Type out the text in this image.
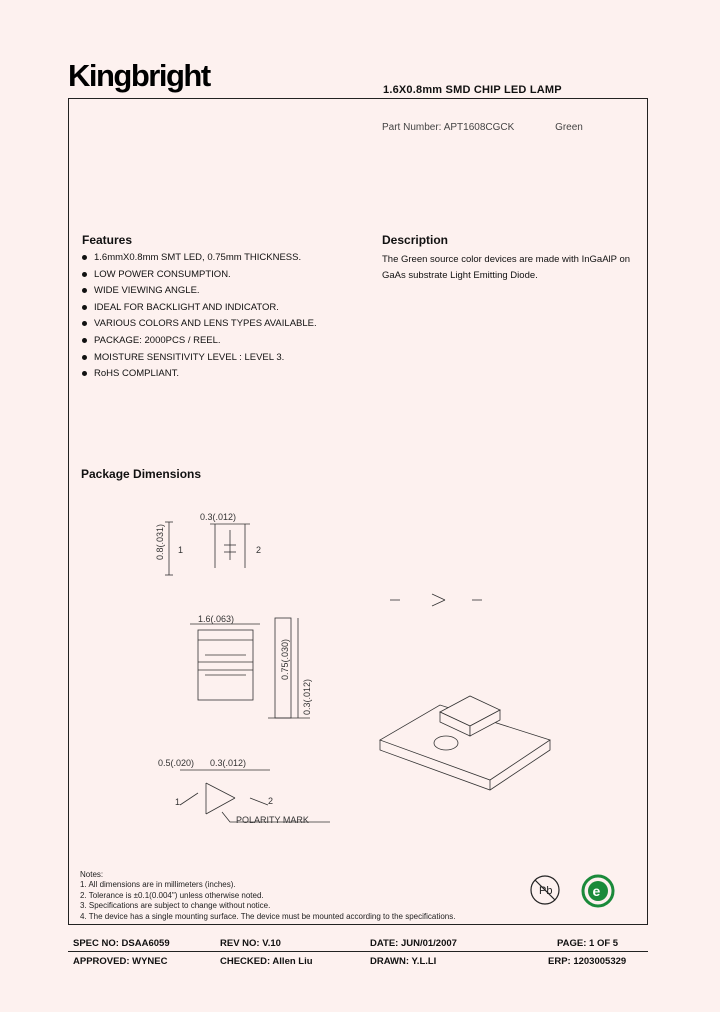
Kingbright	1.6X0.8mm SMD CHIP LED LAMP
Part Number: APT1608CGCK	Green
Features
1.6mmX0.8mm SMT LED, 0.75mm THICKNESS.
LOW POWER CONSUMPTION.
WIDE VIEWING ANGLE.
IDEAL FOR BACKLIGHT AND INDICATOR.
VARIOUS COLORS AND LENS TYPES AVAILABLE.
PACKAGE: 2000PCS / REEL.
MOISTURE SENSITIVITY LEVEL : LEVEL 3.
RoHS COMPLIANT.
Description
The Green source color devices are made with InGaAlP on GaAs substrate Light Emitting Diode.
Package Dimensions
0.3(.012)
0.8(.031) 1	2
1.6(.063)
0.75(.030)
0.3(.012)
0.5(.020) 0.3(.012)
1	2
POLARITY MARK
Pb	e
Notes:
1. All dimensions are in millimeters (inches).
2. Tolerance is ±0.1(0.004") unless otherwise noted.
3. Specifications are subject to change without notice.
4. The device has a single mounting surface. The device must be mounted according to the specifications.
SPEC NO: DSAA6059	REV NO: V.10	DATE: JUN/01/2007	PAGE: 1 OF 5
APPROVED: WYNEC	CHECKED: Allen Liu	DRAWN: Y.L.LI	ERP: 1203005329
